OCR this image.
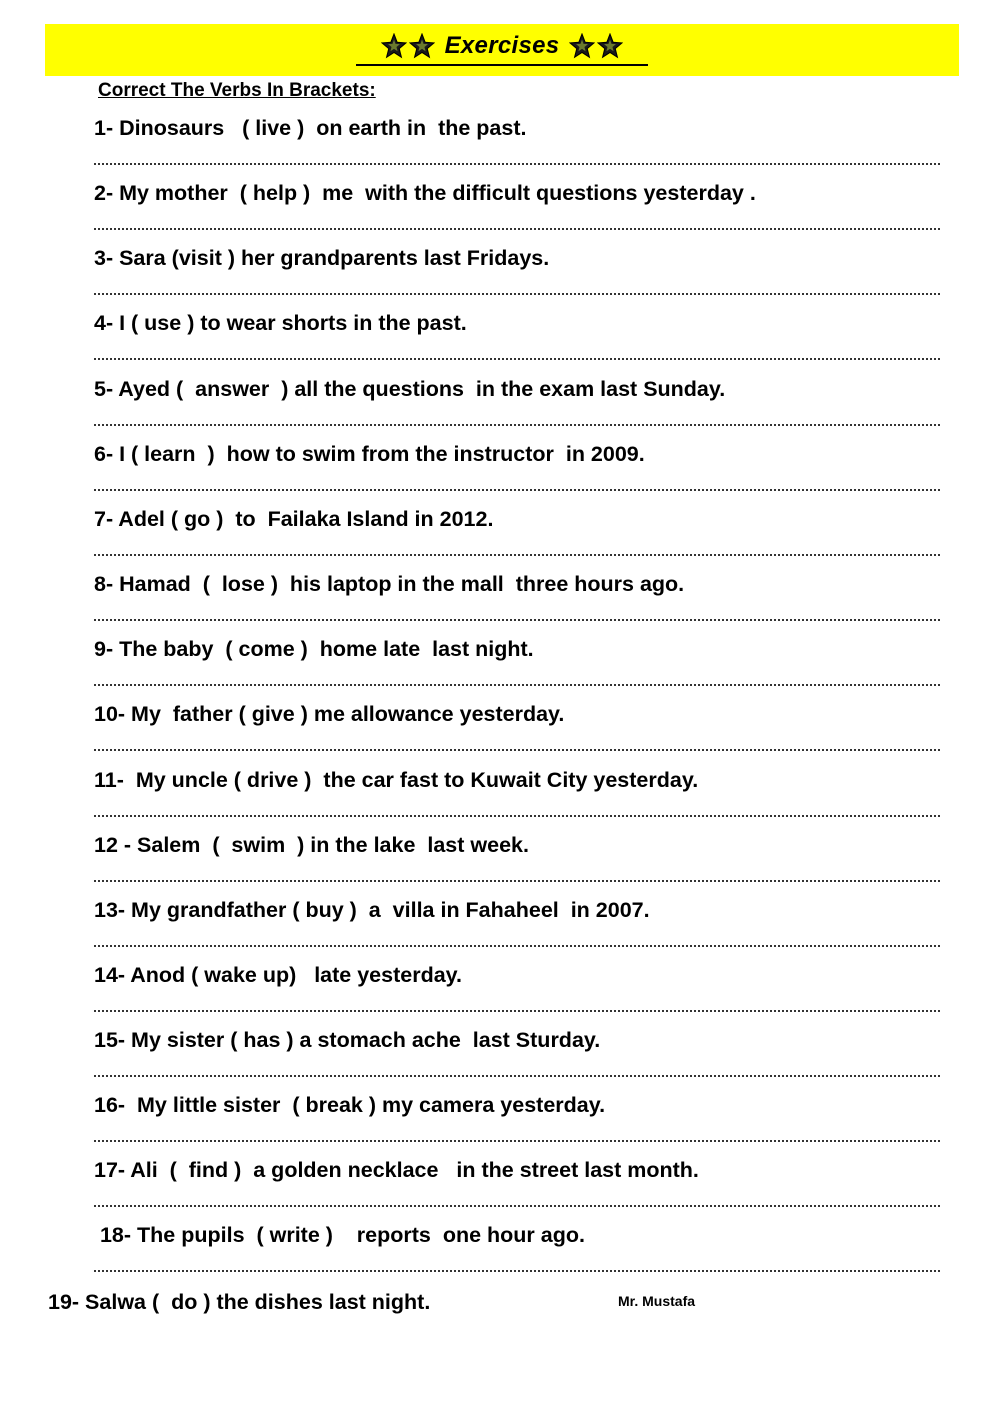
Exercises
Correct The Verbs In Brackets:
1- Dinosaurs   ( live )  on earth in  the past.
2- My mother  ( help )  me  with the difficult questions yesterday .
3- Sara (visit ) her grandparents last Fridays.
4- I ( use ) to wear shorts in the past.
5- Ayed (  answer  ) all the questions  in the exam last Sunday.
6- I ( learn  )  how to swim from the instructor  in 2009.
7- Adel ( go )  to  Failaka Island in 2012.
8- Hamad  (  lose )  his laptop in the mall  three hours ago.
9- The baby  ( come )  home late  last night.
10- My  father ( give ) me allowance yesterday.
11-  My uncle ( drive )  the car fast to Kuwait City yesterday.
12 - Salem  (  swim  ) in the lake  last week.
13- My grandfather ( buy )  a  villa in Fahaheel  in 2007.
14- Anod ( wake up)   late yesterday.
15- My sister ( has ) a stomach ache  last Sturday.
16-  My little sister  ( break ) my camera yesterday.
17- Ali  (  find )  a golden necklace   in the street last month.
18- The pupils  ( write )    reports  one hour ago.
19- Salwa (  do ) the dishes last night.	Mr. Mustafa
